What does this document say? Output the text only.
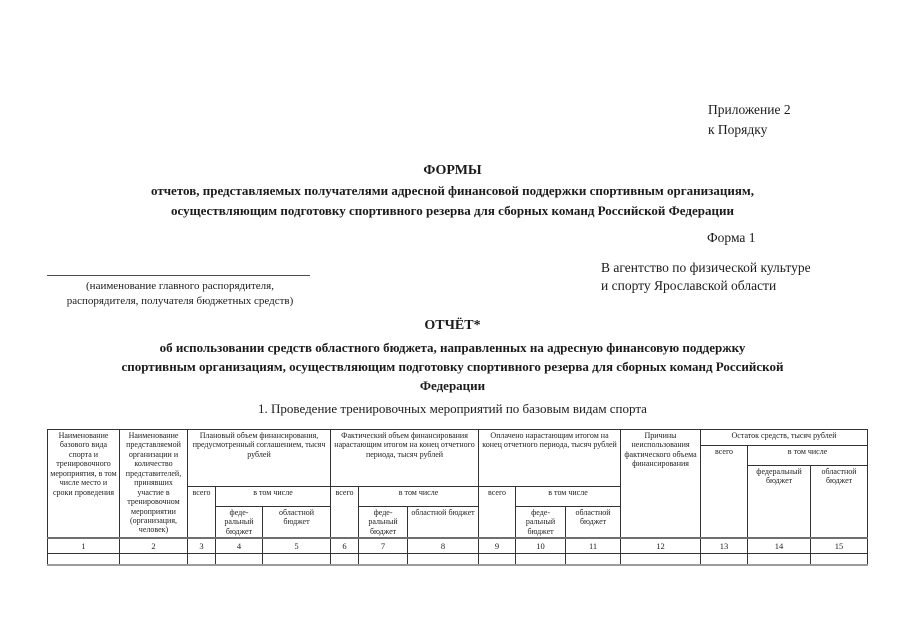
Приложение 2
к Порядку
ФОРМЫ
отчетов, представляемых получателями адресной финансовой поддержки спортивным организациям,
осуществляющим подготовку спортивного резерва для сборных команд Российской Федерации
Форма 1
В агентство по физической культуре
и спорту Ярославской области
(наименование главного распорядителя,
распорядителя, получателя бюджетных средств)
ОТЧЁТ*
об использовании средств областного бюджета, направленных на адресную финансовую поддержку
спортивным организациям, осуществляющим подготовку спортивного резерва для сборных команд Российской
Федерации
1. Проведение тренировочных мероприятий по базовым видам спорта
Наименование базового вида спорта и тренировочного мероприятия, в том числе место и сроки проведения	Наименование представляемой организации и количество представителей, принявших участие в тренировочном мероприятии (организация, человек)	Плановый объем финансирования, предусмотренный соглашением, тысяч рублей			Фактический объем финансирования нарастающим итогом на конец отчетного периода, тысяч рублей			Оплачено нарастающим итогом на конец отчетного периода, тысяч рублей			Причины неиспользования фактического объема финансирования	Остаток средств, тысяч рублей		
												всего	в том числе	
													федеральный бюджет	областной бюджет
		всего	в том числе		всего	в том числе		всего	в том числе					
			феде- ральный бюджет	областной бюджет		феде- ральный бюджет	областной бюджет		феде- ральный бюджет	областной бюджет				
1	2	3	4	5	6	7	8	9	10	11	12	13	14	15
